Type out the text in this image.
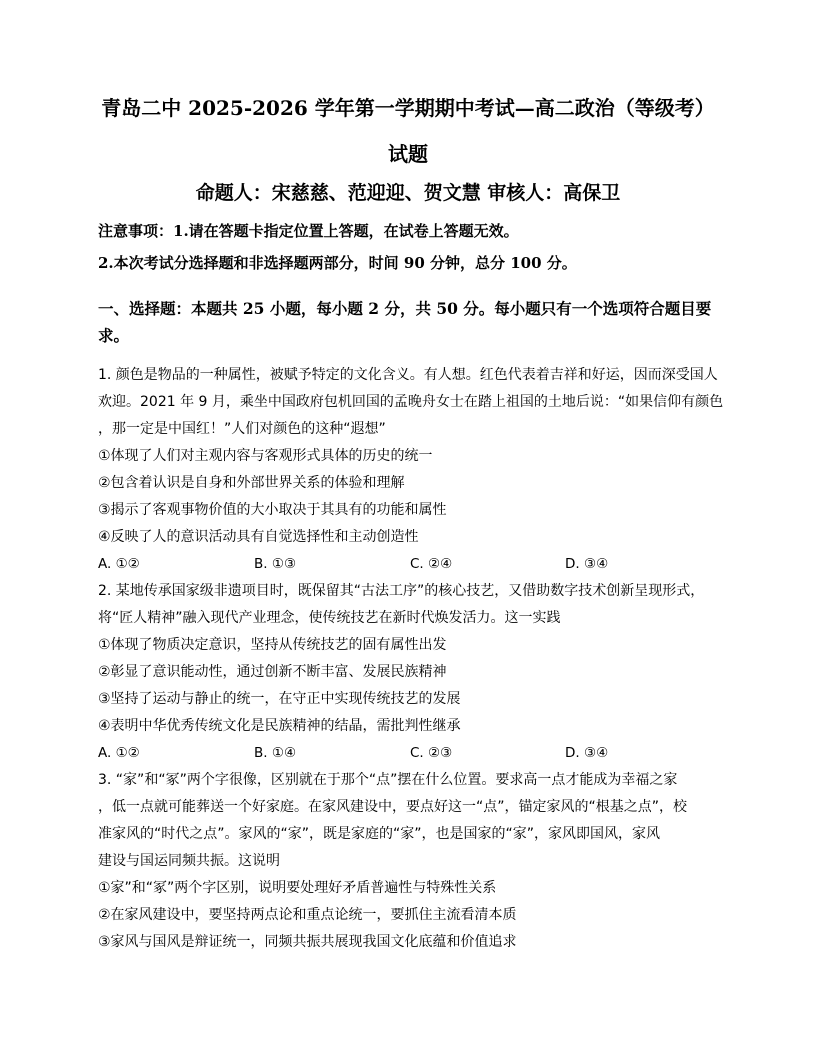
青岛二中 2025-2026 学年第一学期期中考试—高二政治（等级考）
试题
命题人：宋慈慈、范迎迎、贺文慧 审核人：高保卫

注意事项：1.请在答题卡指定位置上答题，在试卷上答题无效。

2.本次考试分选择题和非选择题两部分，时间 90 分钟，总分 100 分。

一、选择题：本题共 25 小题，每小题 2 分，共 50 分。每小题只有一个选项符合题目要
求。

1. 颜色是物品的一种属性，被赋予特定的文化含义。有人想。红色代表着吉祥和好运，因而深受国人
欢迎。2021 年 9 月，乘坐中国政府包机回国的孟晚舟女士在踏上祖国的土地后说：“如果信仰有颜色
，那一定是中国红！”人们对颜色的这种“遐想”
①体现了人们对主观内容与客观形式具体的历史的统一
②包含着认识是自身和外部世界关系的体验和理解
③揭示了客观事物价值的大小取决于其具有的功能和属性
④反映了人的意识活动具有自觉选择性和主动创造性
A. ①②	B. ①③	C. ②④	D. ③④
2. 某地传承国家级非遗项目时，既保留其“古法工序”的核心技艺，又借助数字技术创新呈现形式，
将“匠人精神”融入现代产业理念，使传统技艺在新时代焕发活力。这一实践
①体现了物质决定意识，坚持从传统技艺的固有属性出发
②彰显了意识能动性，通过创新不断丰富、发展民族精神
③坚持了运动与静止的统一，在守正中实现传统技艺的发展
④表明中华优秀传统文化是民族精神的结晶，需批判性继承
A. ①②	B. ①④	C. ②③	D. ③④
3. “家”和“冢”两个字很像，区别就在于那个“点”摆在什么位置。要求高一点才能成为幸福之家
，低一点就可能葬送一个好家庭。在家风建设中，要点好这一“点”，锚定家风的“根基之点”，校
准家风的“时代之点”。家风的“家”，既是家庭的“家”，也是国家的“家”，家风即国风，家风
建设与国运同频共振。这说明
①家”和“冢”两个字区别，说明要处理好矛盾普遍性与特殊性关系
②在家风建设中，要坚持两点论和重点论统一，要抓住主流看清本质
③家风与国风是辩证统一，同频共振共展现我国文化底蕴和价值追求
